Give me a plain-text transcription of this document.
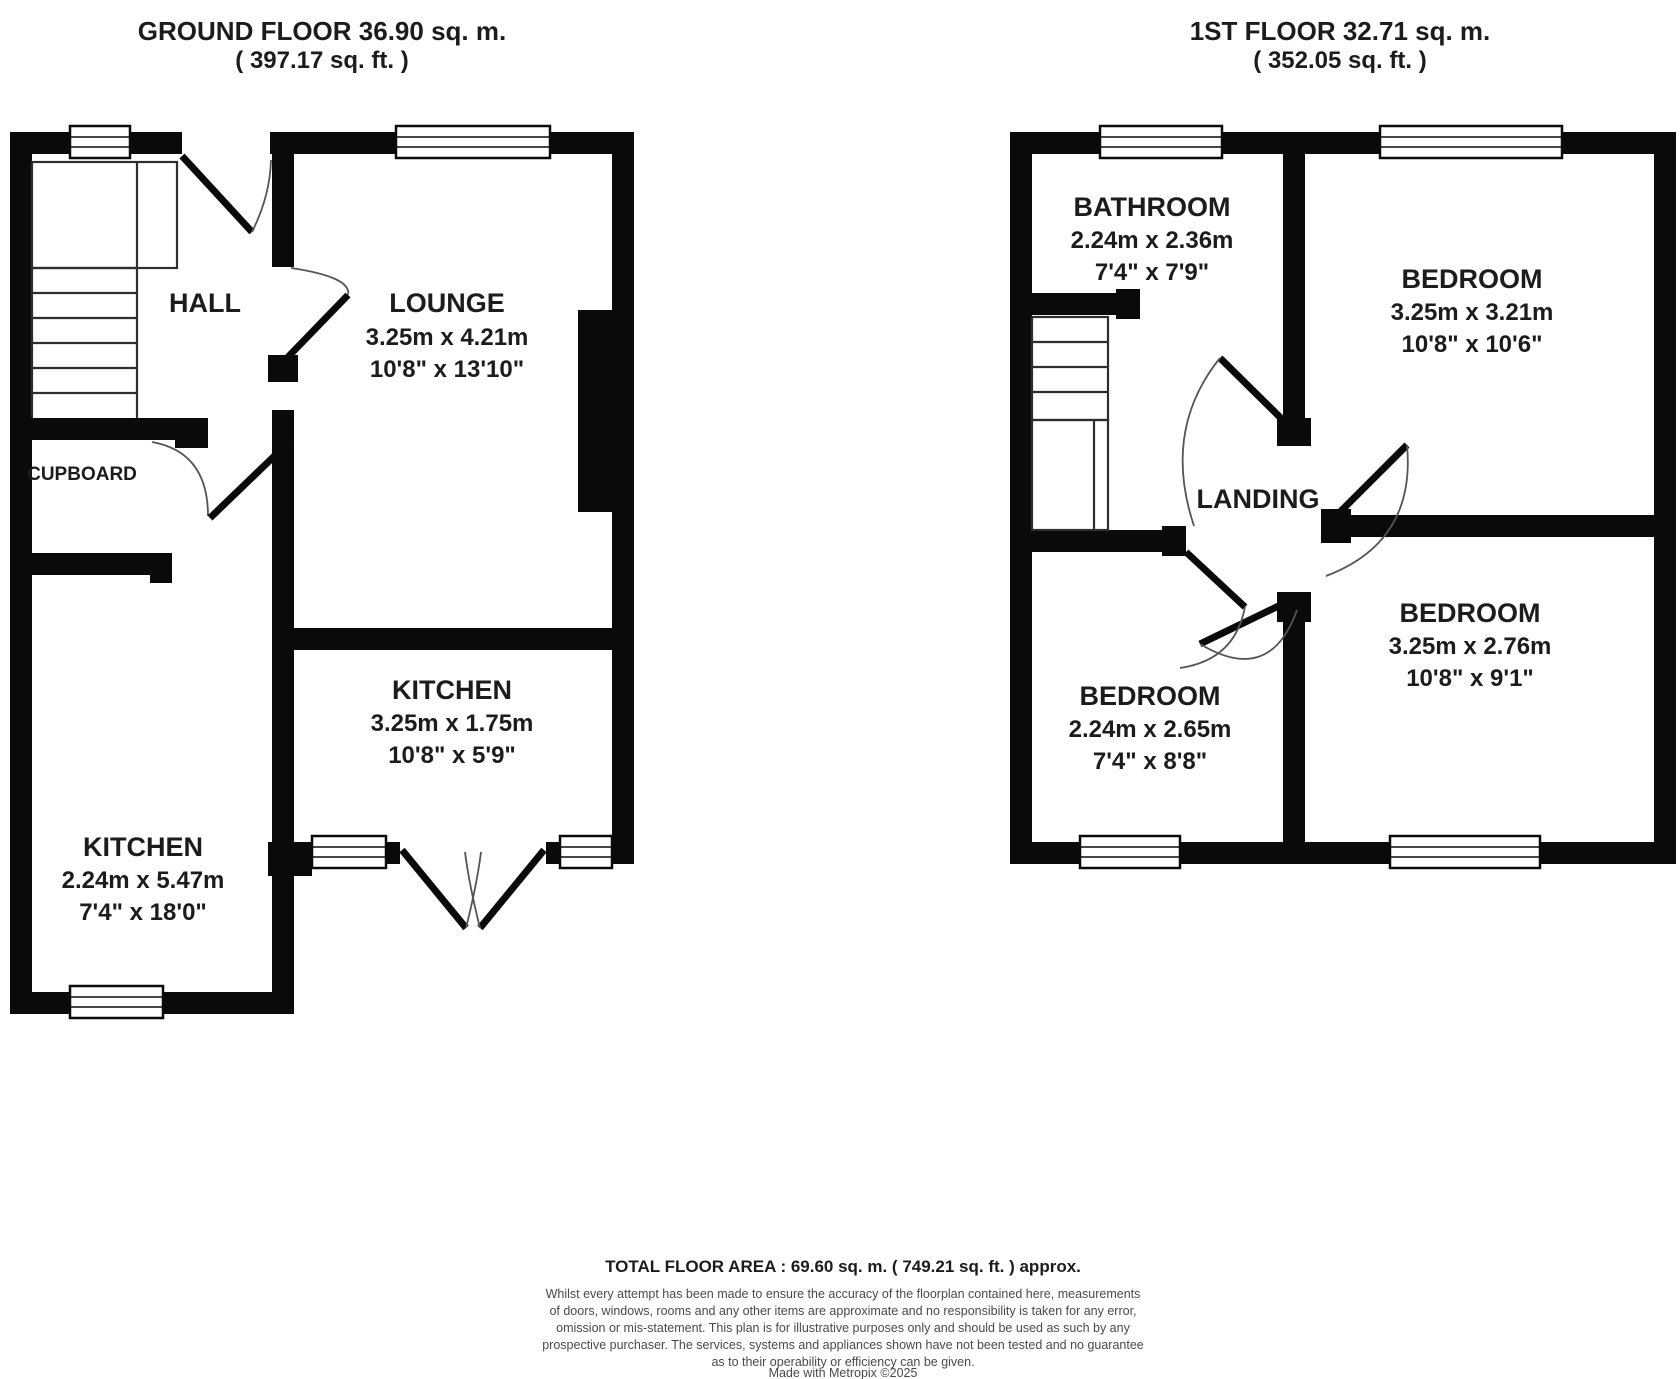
GROUND FLOOR 36.90 sq. m.
( 397.17 sq. ft. )
HALL
CUPBOARD
LOUNGE
3.25m x 4.21m
10'8" x 13'10"
KITCHEN
3.25m x 1.75m
10'8" x 5'9"
KITCHEN
2.24m x 5.47m
7'4" x 18'0"
1ST FLOOR 32.71 sq. m.
( 352.05 sq. ft. )
LANDING
BATHROOM
2.24m x 2.36m
7'4" x 7'9"	BEDROOM
3.25m x 3.21m
10'8" x 10'6"
BEDROOM
3.25m x 2.76m
10'8" x 9'1"
BEDROOM
2.24m x 2.65m
7'4" x 8'8"
TOTAL FLOOR AREA : 69.60 sq. m. ( 749.21 sq. ft. ) approx.
Whilst every attempt has been made to ensure the accuracy of the floorplan contained here, measurements
of doors, windows, rooms and any other items are approximate and no responsibility is taken for any error,
omission or mis-statement. This plan is for illustrative purposes only and should be used as such by any
prospective purchaser. The services, systems and appliances shown have not been tested and no guarantee
as to their operability or efficiency can be given.
Made with Metropix ©2025
